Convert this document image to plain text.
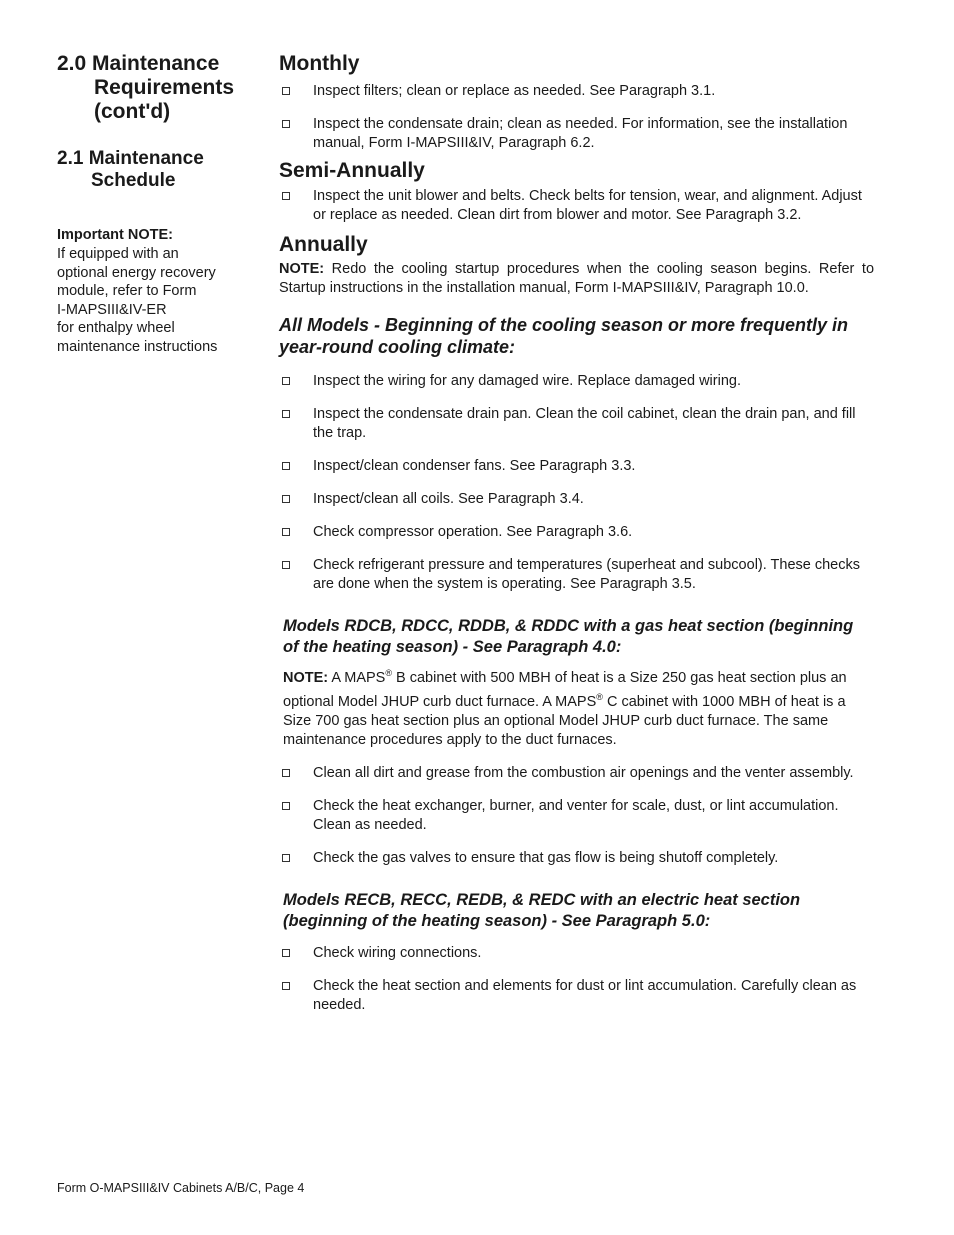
2.0 Maintenance
Requirements
(cont'd)
2.1 Maintenance
Schedule
Important NOTE:
If equipped with an
optional energy recovery
module, refer to Form
I-MAPSIII&IV-ER
for enthalpy wheel
maintenance instructions
Monthly
Inspect filters; clean or replace as needed. See Paragraph 3.1.
Inspect the condensate drain; clean as needed. For information, see the installation manual, Form I-MAPSIII&IV, Paragraph 6.2.
Semi-Annually
Inspect the unit blower and belts. Check belts for tension, wear, and alignment. Adjust or replace as needed. Clean dirt from blower and motor. See Paragraph 3.2.
Annually

NOTE: Redo the cooling startup procedures when the cooling season begins. Refer to Startup instructions in the installation manual, Form I-MAPSIII&IV, Paragraph 10.0.

All Models - Beginning of the cooling season or more frequently in year-round cooling climate:
Inspect the wiring for any damaged wire. Replace damaged wiring.
Inspect the condensate drain pan. Clean the coil cabinet, clean the drain pan, and fill the trap.
Inspect/clean condenser fans. See Paragraph 3.3.
Inspect/clean all coils. See Paragraph 3.4.
Check compressor operation. See Paragraph 3.6.
Check refrigerant pressure and temperatures (superheat and subcool). These checks are done when the system is operating. See Paragraph 3.5.
Models RDCB, RDCC, RDDB, & RDDC with a gas heat section (beginning of the heating season) - See Paragraph 4.0:

NOTE: A MAPS® B cabinet with 500 MBH of heat is a Size 250 gas heat section plus an optional Model JHUP curb duct furnace. A MAPS® C cabinet with 1000 MBH of heat is a Size 700 gas heat section plus an optional Model JHUP curb duct furnace. The same maintenance procedures apply to the duct furnaces.

Clean all dirt and grease from the combustion air openings and the venter assembly.
Check the heat exchanger, burner, and venter for scale, dust, or lint accumulation. Clean as needed.
Check the gas valves to ensure that gas flow is being shutoff completely.
Models RECB, RECC, REDB, & REDC with an electric heat section (beginning of the heating season) - See Paragraph 5.0:
Check wiring connections.
Check the heat section and elements for dust or lint accumulation. Carefully clean as needed.
Form O-MAPSIII&IV Cabinets A/B/C, Page 4
